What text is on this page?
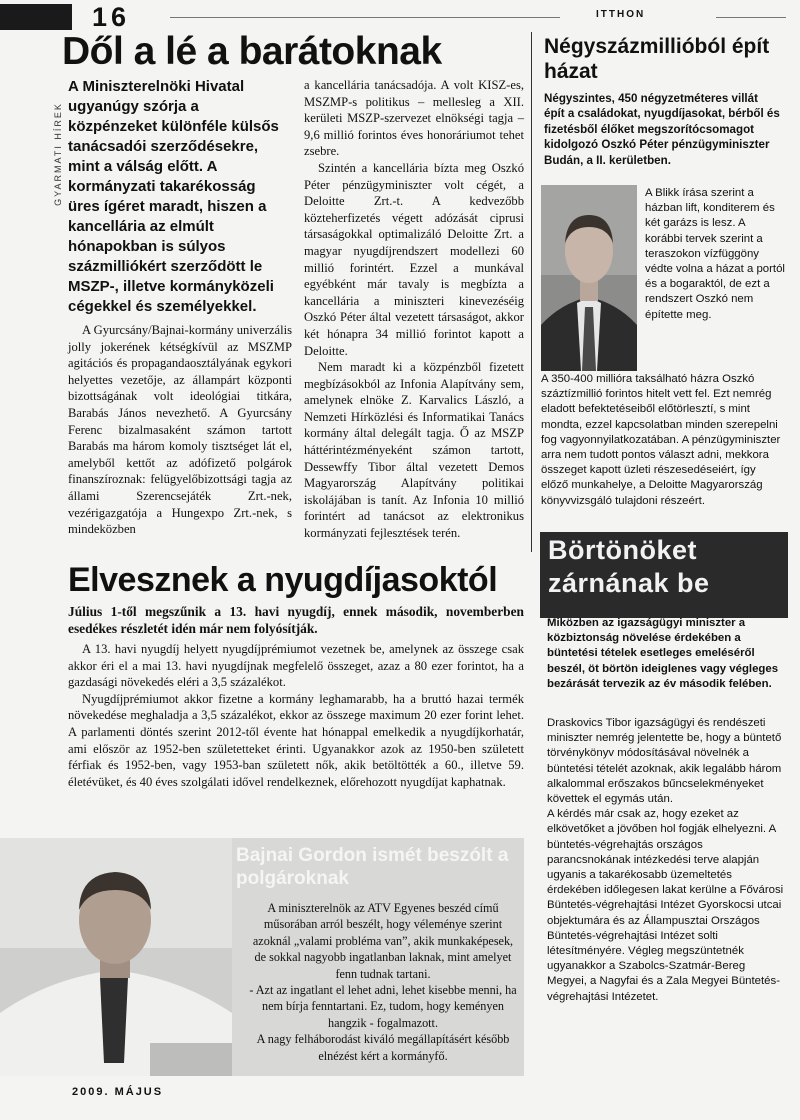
16	ITTHON
GYARMATI HÍREK
Dől a lé a barátoknak
A Miniszterelnöki Hivatal ugyanúgy szórja a közpénzeket különféle külsős tanácsadói szerződésekre, mint a válság előtt. A kormányzati takarékosság üres ígéret maradt, hiszen a kancellária az elmúlt hónapokban is súlyos százmilliókért szerződött le MSZP-, illetve kormányközeli cégekkel és személyekkel.

A Gyurcsány/Bajnai-kormány univerzális jolly jokerének kétségkívül az MSZMP agitációs és propagandaosztályának egykori helyettes vezetője, az állampárt központi bizottságának volt ideológiai titkára, Barabás János nevezhető. A Gyurcsány Ferenc bizalmasaként számon tartott Barabás ma három komoly tisztséget lát el, amelyből kettőt az adófizető polgárok finanszíroznak: felügyelőbizottsági tagja az állami Szerencsejáték Zrt.-nek, vezérigazgatója a Hungexpo Zrt.-nek, s mindeközben

a kancellária tanácsadója. A volt KISZ-es, MSZMP-s politikus – mellesleg a XII. kerületi MSZP-szervezet elnökségi tagja – 9,6 millió forintos éves honoráriumot tehet zsebre.

Szintén a kancellária bízta meg Oszkó Péter pénzügyminiszter volt cégét, a Deloitte Zrt.-t. A kedvezőbb közteherfizetés végett adózását ciprusi társaságokkal optimalizáló Deloitte Zrt. a magyar nyugdíjrendszert modellezi 60 millió forintért. Ezzel a munkával egyébként már tavaly is megbízta a kancellária a miniszteri kinevezéséig Oszkó Péter által vezetett társaságot, akkor két hónapra 34 millió forintot kapott a Deloitte.

Nem maradt ki a közpénzből fizetett megbízásokból az Infonia Alapítvány sem, amelynek elnöke Z. Karvalics László, a Nemzeti Hírközlési és Informatikai Tanács kormány által delegált tagja. Ő az MSZP háttérintézményeként számon tartott, Dessewffy Tibor által vezetett Demos Magyarország Alapítvány politikai iskolájában is tanít. Az Infonia 10 millió forintért ad tanácsot az elektronikus kormányzati fejlesztések terén.

Négyszázmillióból épít házat
Négyszintes, 450 négyzetméteres villát épít a családokat, nyugdíjasokat, bérből és fizetésből élőket megszorítócsomagot kidolgozó Oszkó Péter pénzügyminiszter Budán, a II. kerületben.
A Blikk írása szerint a házban lift, konditerem és két garázs is lesz. A korábbi tervek szerint a teraszokon vízfüggöny védte volna a házat a portól és a bogaraktól, de ezt a rendszert Oszkó nem építette meg.
A 350-400 millióra taksálható házra Oszkó száztízmillió forintos hitelt vett fel. Ezt nemrég eladott befektetéseiből előtörlesztí, s mint mondta, ezzel kapcsolatban minden szerepelni fog vagyonnyilatkozatában. A pénzügyminiszter arra nem tudott pontos választ adni, mekkora összeget kapott üzleti részesedéseiért, így előző munkahelye, a Deloitte Magyarország könyvvizsgáló tulajdoni részeért.
Elvesznek a nyugdíjasoktól
Július 1-től megszűnik a 13. havi nyugdíj, ennek második, novemberben esedékes részletét idén már nem folyósítják.

A 13. havi nyugdíj helyett nyugdíjprémiumot vezetnek be, amelynek az összege csak akkor éri el a mai 13. havi nyugdíjnak megfelelő összeget, azaz a 80 ezer forintot, ha a gazdasági növekedés eléri a 3,5 százalékot.

Nyugdíjprémiumot akkor fizetne a kormány leghamarabb, ha a bruttó hazai termék növekedése meghaladja a 3,5 százalékot, ekkor az összege maximum 20 ezer forint lehet. A parlamenti döntés szerint 2012-től évente hat hónappal emelkedik a nyugdíjkorhatár, ami először az 1952-ben születetteket érinti. Ugyanakkor azok az 1950-ben született férfiak és 1952-ben, vagy 1953-ban született nők, akik betöltötték a 60., illetve 59. életévüket, és 40 éves szolgálati idővel rendelkeznek, előrehozott nyugdíjat kaphatnak.

Börtönöket zárnának be
Miközben az igazságügyi miniszter a közbiztonság növelése érdekében a büntetési tételek esetleges emeléséről beszél, öt börtön ideiglenes vagy végleges bezárását tervezik az év második felében.

Draskovics Tibor igazságügyi és rendészeti miniszter nemrég jelentette be, hogy a büntető törvénykönyv módosításával növelnék a büntetési tételét azoknak, akik legalább három alkalommal erőszakos bűncselekményeket követtek el egymás után.

A kérdés már csak az, hogy ezeket az elkövetőket a jövőben hol fogják elhelyezni. A büntetés-végrehajtás országos parancsnokának intézkedési terve alapján ugyanis a takarékosabb üzemeltetés érdekében időlegesen lakat kerülne a Fővárosi Büntetés-végrehajtási Intézet Gyorskocsi utcai objektumára és az Állampusztai Országos Büntetés-végrehajtási Intézet solti létesítményére. Végleg megszüntetnék ugyanakkor a Szabolcs-Szatmár-Bereg Megyei, a Nagyfai és a Zala Megyei Büntetés-végrehajtási Intézetet.

Bajnai Gordon ismét beszólt a polgároknak

A miniszterelnök az ATV Egyenes beszéd című műsorában arról beszélt, hogy véleménye szerint azoknál „valami probléma van”, akik munkaképesek, de sokkal nagyobb ingatlanban laknak, mint amelyet fenn tudnak tartani.

- Azt az ingatlant el lehet adni, lehet kisebbe menni, ha nem bírja fenntartani. Ez, tudom, hogy keményen hangzik - fogalmazott.

A nagy felháborodást kiváló megállapításért később elnézést kért a kormányfő.

2009. MÁJUS
